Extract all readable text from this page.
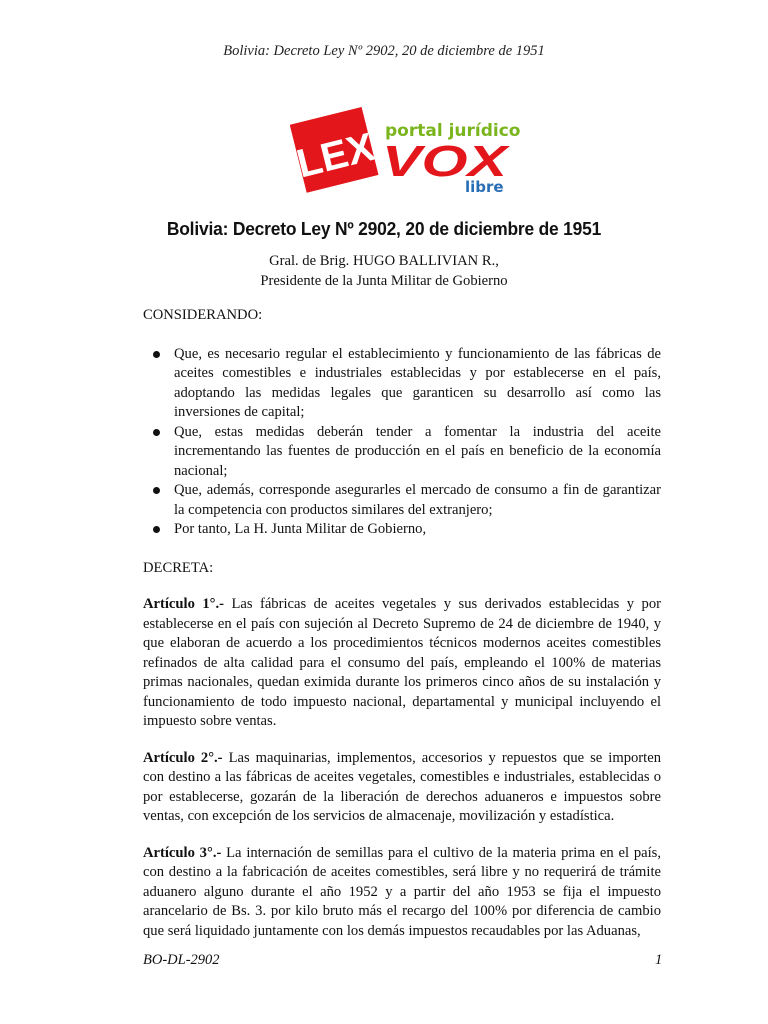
Bolivia: Decreto Ley Nº 2902, 20 de diciembre de 1951
LEX portal jurídico
VOX
libre
Bolivia: Decreto Ley Nº 2902, 20 de diciembre de 1951
Gral. de Brig. HUGO BALLIVIAN R.,
Presidente de la Junta Militar de Gobierno

CONSIDERANDO:

Que, es necesario regular el establecimiento y funcionamiento de las fábricas de aceites comestibles e industriales establecidas y por establecerse en el país, adoptando las medidas legales que garanticen su desarrollo así como las inversiones de capital;
Que, estas medidas deberán tender a fomentar la industria del aceite incrementando las fuentes de producción en el país en beneficio de la economía nacional;
Que, además, corresponde asegurarles el mercado de consumo a fin de garantizar la competencia con productos similares del extranjero;
Por tanto, La H. Junta Militar de Gobierno,

DECRETA:

Artículo 1°.- Las fábricas de aceites vegetales y sus derivados establecidas y por establecerse en el país con sujeción al Decreto Supremo de 24 de diciembre de 1940, y que elaboran de acuerdo a los procedimientos técnicos modernos aceites comestibles refinados de alta calidad para el consumo del país, empleando el 100% de materias primas nacionales, quedan eximida durante los primeros cinco años de su instalación y funcionamiento de todo impuesto nacional, departamental y municipal incluyendo el impuesto sobre ventas.

Artículo 2°.- Las maquinarias, implementos, accesorios y repuestos que se importen con destino a las fábricas de aceites vegetales, comestibles e industriales, establecidas o por establecerse, gozarán de la liberación de derechos aduaneros e impuestos sobre ventas, con excepción de los servicios de almacenaje, movilización y estadística.

Artículo 3°.- La internación de semillas para el cultivo de la materia prima en el país, con destino a la fabricación de aceites comestibles, será libre y no requerirá de trámite aduanero alguno durante el año 1952 y a partir del año 1953 se fija el impuesto arancelario de Bs. 3. por kilo bruto más el recargo del 100% por diferencia de cambio que será liquidado juntamente con los demás impuestos recaudables por las Aduanas,

BO-DL-2902	1
